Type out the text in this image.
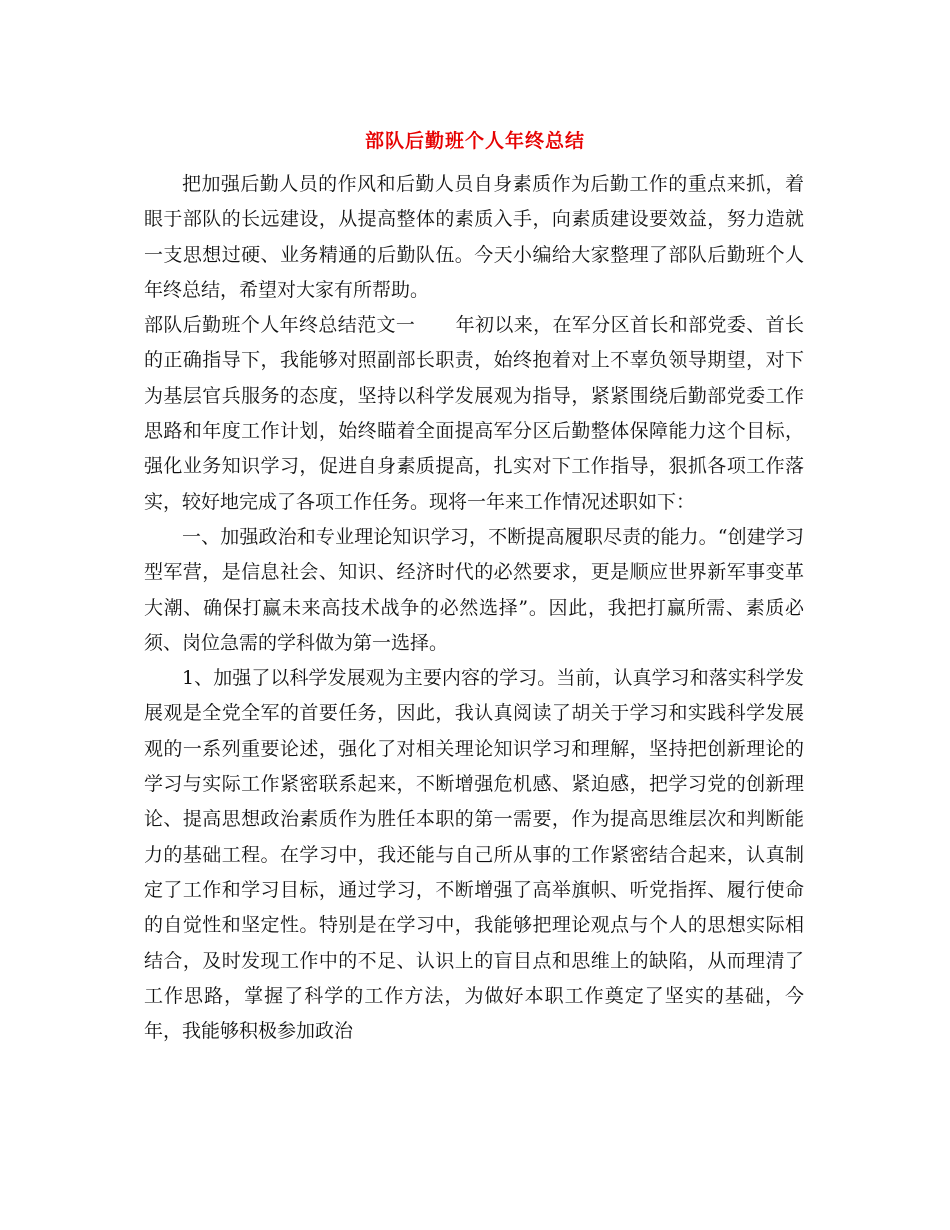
部队后勤班个人年终总结

把加强后勤人员的作风和后勤人员自身素质作为后勤工作的重点来抓，着眼于部队的长远建设，从提高整体的素质入手，向素质建设要效益，努力造就一支思想过硬、业务精通的后勤队伍。今天小编给大家整理了部队后勤班个人年终总结，希望对大家有所帮助。

部队后勤班个人年终总结范文一 年初以来，在军分区首长和部党委、首长的正确指导下，我能够对照副部长职责，始终抱着对上不辜负领导期望，对下为基层官兵服务的态度，坚持以科学发展观为指导，紧紧围绕后勤部党委工作思路和年度工作计划，始终瞄着全面提高军分区后勤整体保障能力这个目标，强化业务知识学习，促进自身素质提高，扎实对下工作指导，狠抓各项工作落实，较好地完成了各项工作任务。现将一年来工作情况述职如下：

一、加强政治和专业理论知识学习，不断提高履职尽责的能力。“创建学习型军营，是信息社会、知识、经济时代的必然要求，更是顺应世界新军事变革大潮、确保打赢未来高技术战争的必然选择”。因此，我把打赢所需、素质必须、岗位急需的学科做为第一选择。

1、加强了以科学发展观为主要内容的学习。当前，认真学习和落实科学发展观是全党全军的首要任务，因此，我认真阅读了胡关于学习和实践科学发展观的一系列重要论述，强化了对相关理论知识学习和理解，坚持把创新理论的学习与实际工作紧密联系起来，不断增强危机感、紧迫感，把学习党的创新理论、提高思想政治素质作为胜任本职的第一需要，作为提高思维层次和判断能力的基础工程。在学习中，我还能与自己所从事的工作紧密结合起来，认真制定了工作和学习目标，通过学习，不断增强了高举旗帜、听党指挥、履行使命的自觉性和坚定性。特别是在学习中，我能够把理论观点与个人的思想实际相结合，及时发现工作中的不足、认识上的盲目点和思维上的缺陷，从而理清了工作思路，掌握了科学的工作方法，为做好本职工作奠定了坚实的基础，今年，我能够积极参加政治
